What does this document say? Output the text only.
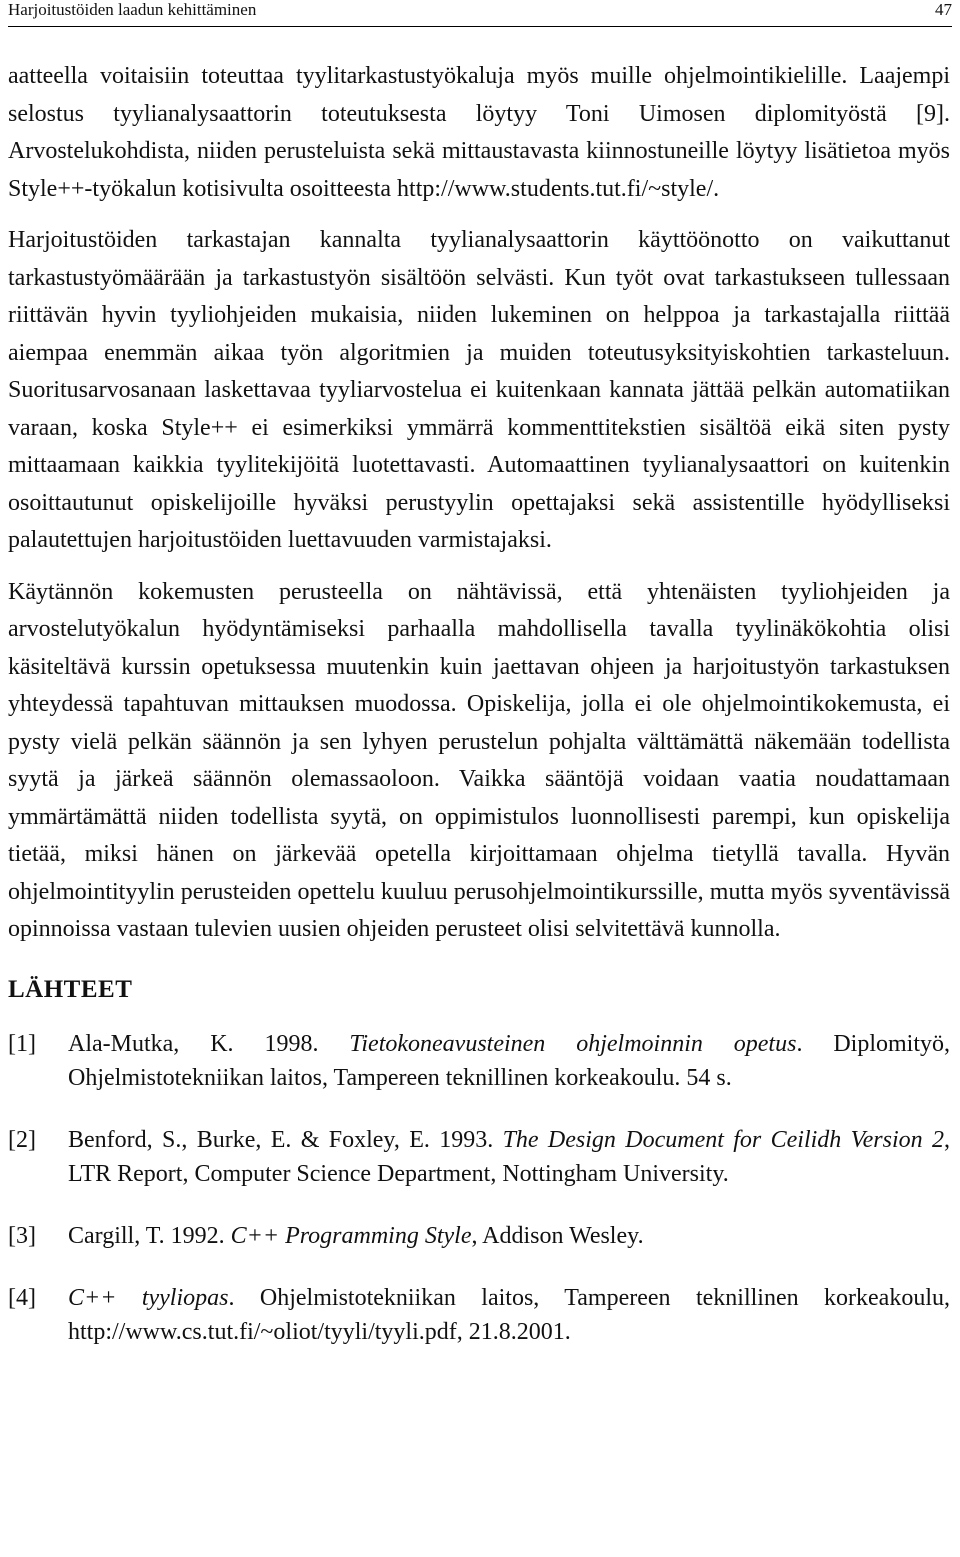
Harjoitustöiden laadun kehittäminen	47

aatteella voitaisiin toteuttaa tyylitarkastustyökaluja myös muille ohjelmointikielille. Laajempi selostus tyylianalysaattorin toteutuksesta löytyy Toni Uimosen diplomityöstä [9]. Arvostelukohdista, niiden perusteluista sekä mittaustavasta kiinnostuneille löytyy lisätietoa myös Style++-työkalun kotisivulta osoitteesta http://www.students.tut.fi/~style/.

Harjoitustöiden tarkastajan kannalta tyylianalysaattorin käyttöönotto on vaikuttanut tarkastustyömäärään ja tarkastustyön sisältöön selvästi. Kun työt ovat tarkastukseen tullessaan riittävän hyvin tyyliohjeiden mukaisia, niiden lukeminen on helppoa ja tarkastajalla riittää aiempaa enemmän aikaa työn algoritmien ja muiden toteutusyksityiskohtien tarkasteluun. Suoritusarvosanaan laskettavaa tyyliarvostelua ei kuitenkaan kannata jättää pelkän automatiikan varaan, koska Style++ ei esimerkiksi ymmärrä kommenttitekstien sisältöä eikä siten pysty mittaamaan kaikkia tyylitekijöitä luotettavasti. Automaattinen tyylianalysaattori on kuitenkin osoittautunut opiskelijoille hyväksi perustyylin opettajaksi sekä assistentille hyödylliseksi palautettujen harjoitustöiden luettavuuden varmistajaksi.

Käytännön kokemusten perusteella on nähtävissä, että yhtenäisten tyyliohjeiden ja arvostelutyökalun hyödyntämiseksi parhaalla mahdollisella tavalla tyylinäkökohtia olisi käsiteltävä kurssin opetuksessa muutenkin kuin jaettavan ohjeen ja harjoitustyön tarkastuksen yhteydessä tapahtuvan mittauksen muodossa. Opiskelija, jolla ei ole ohjelmointikokemusta, ei pysty vielä pelkän säännön ja sen lyhyen perustelun pohjalta välttämättä näkemään todellista syytä ja järkeä säännön olemassaoloon. Vaikka sääntöjä voidaan vaatia noudattamaan ymmärtämättä niiden todellista syytä, on oppimistulos luonnollisesti parempi, kun opiskelija tietää, miksi hänen on järkevää opetella kirjoittamaan ohjelma tietyllä tavalla. Hyvän ohjelmointityylin perusteiden opettelu kuuluu perusohjelmointikurssille, mutta myös syventävissä opinnoissa vastaan tulevien uusien ohjeiden perusteet olisi selvitettävä kunnolla.

LÄHTEET
[1]	Ala-Mutka, K. 1998. Tietokoneavusteinen ohjelmoinnin opetus. Diplomityö, Ohjelmistotekniikan laitos, Tampereen teknillinen korkeakoulu. 54 s.
[2]	Benford, S., Burke, E. & Foxley, E. 1993. The Design Document for Ceilidh Version 2, LTR Report, Computer Science Department, Nottingham University.
[3]	Cargill, T. 1992. C++ Programming Style, Addison Wesley.
[4]	C++ tyyliopas. Ohjelmistotekniikan laitos, Tampereen teknillinen korkeakoulu, http://www.cs.tut.fi/~oliot/tyyli/tyyli.pdf, 21.8.2001.
